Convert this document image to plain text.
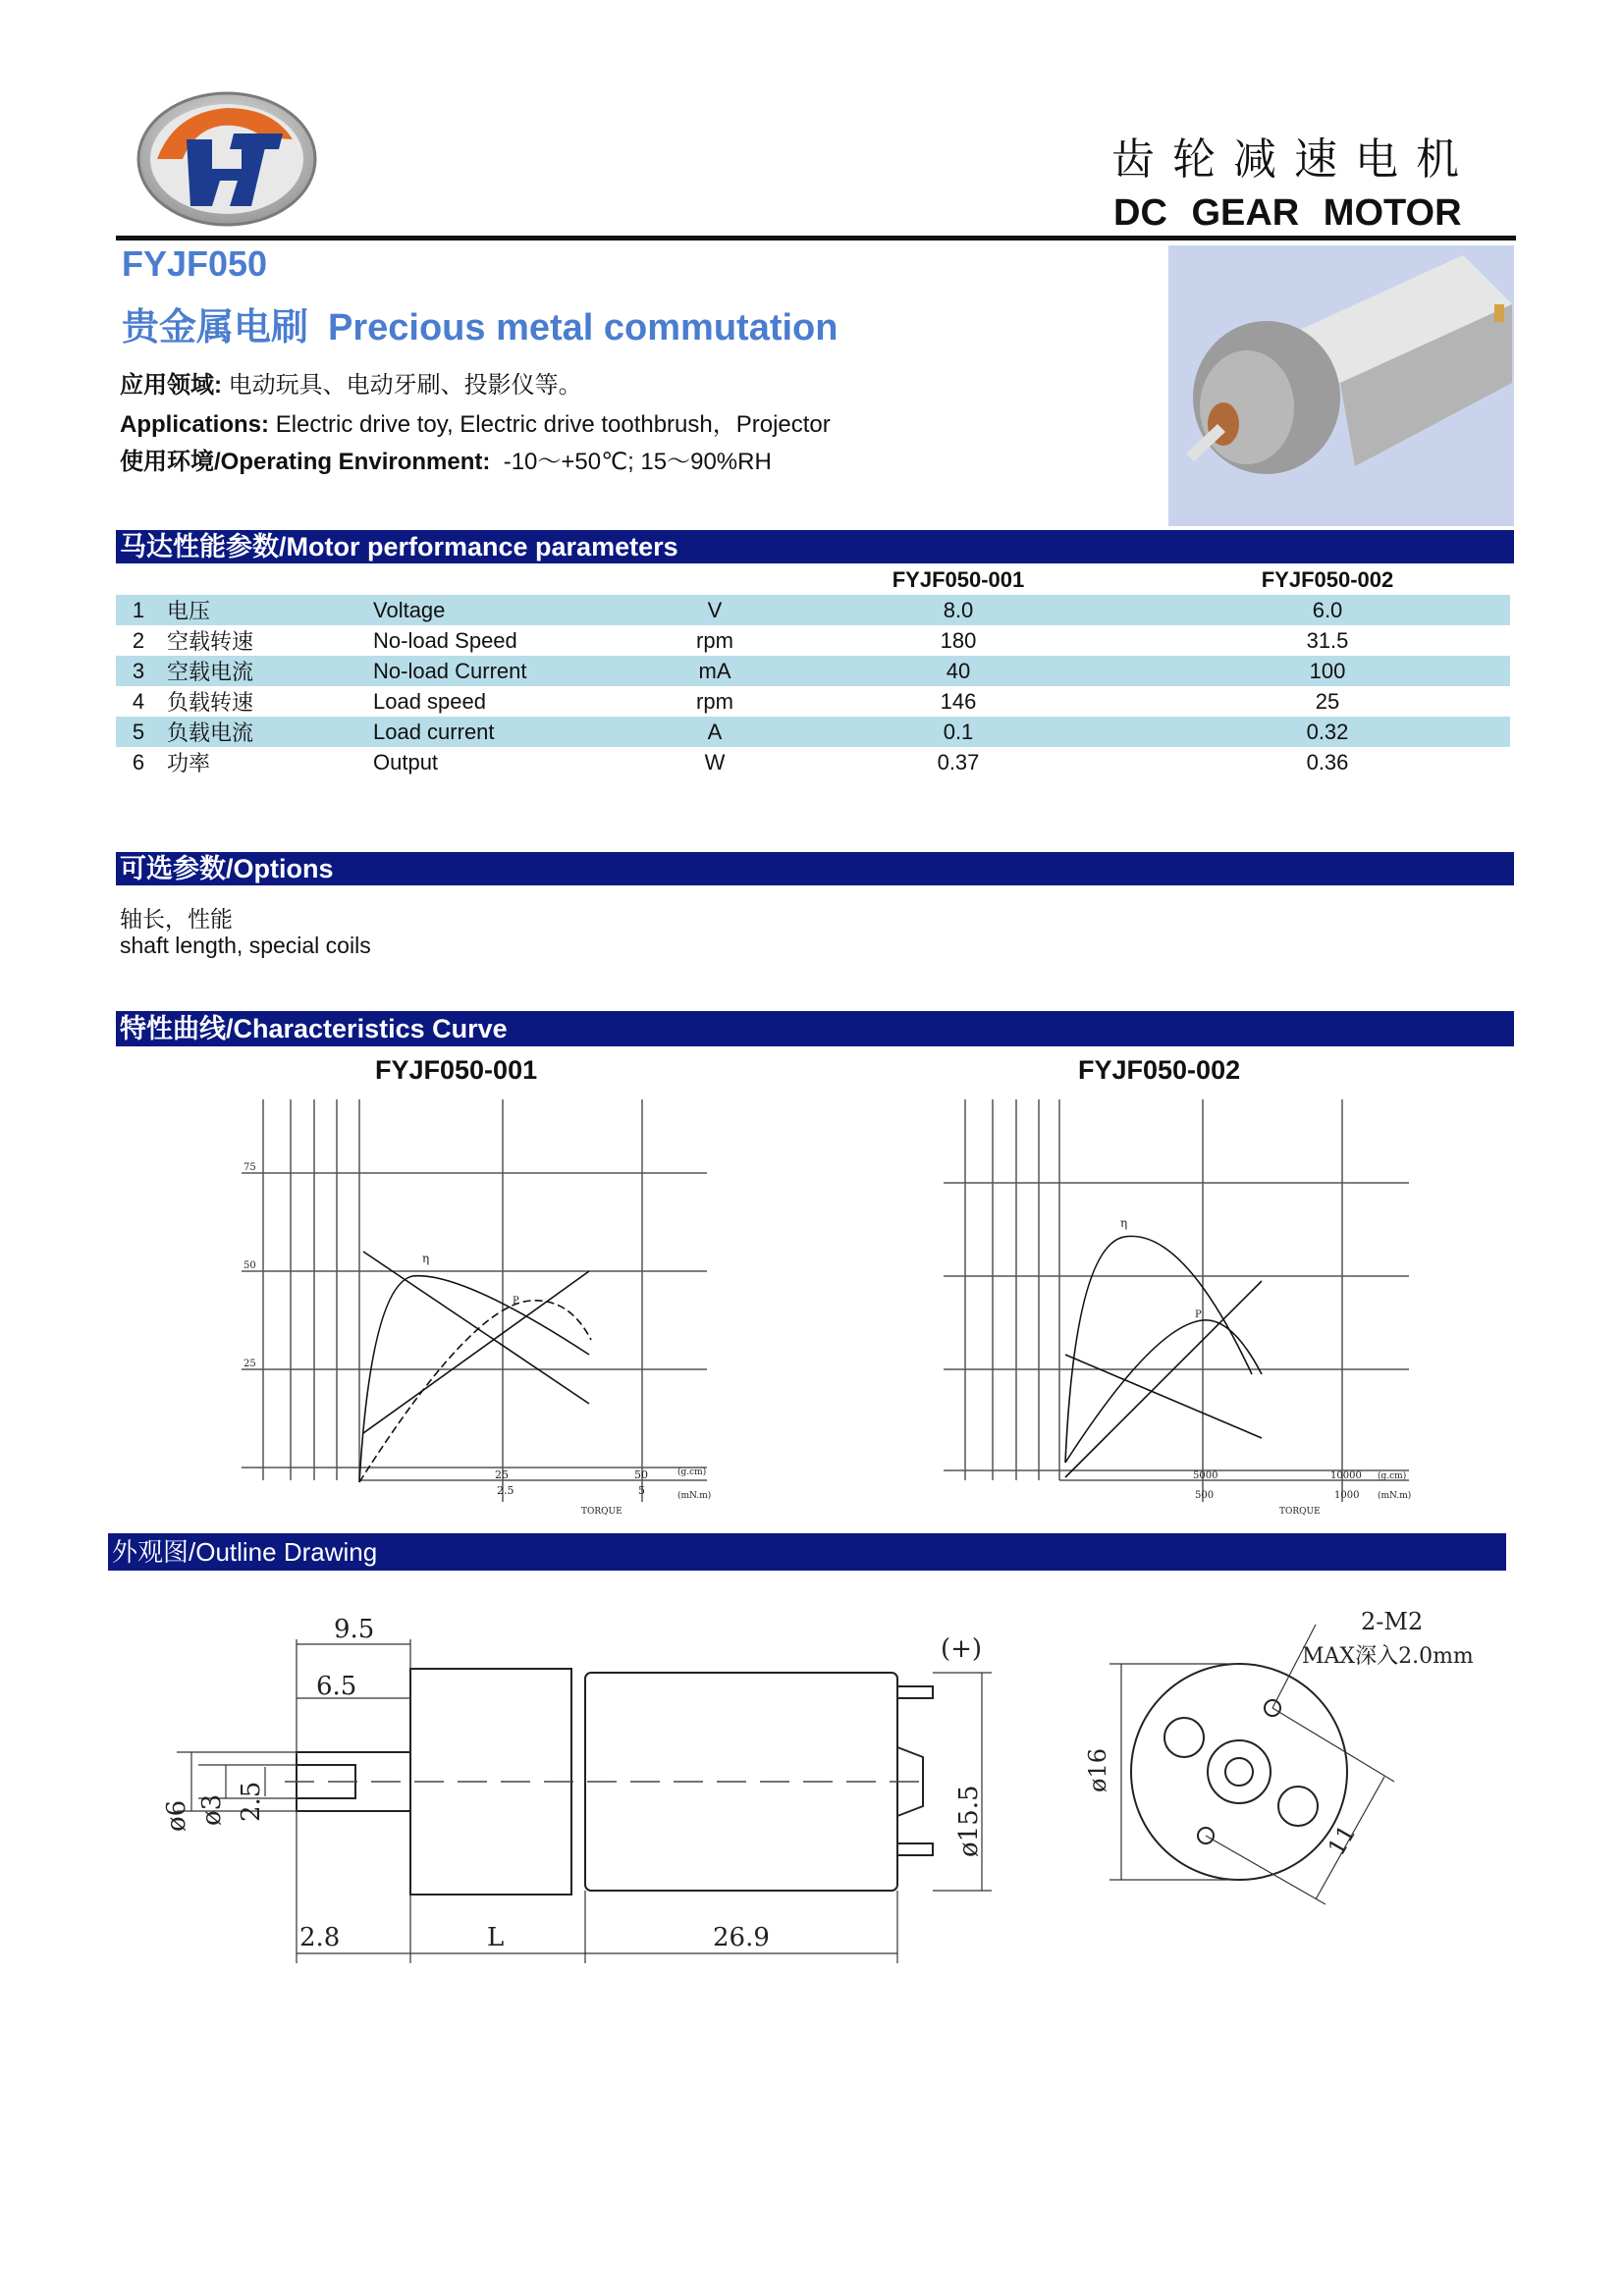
齿轮减速电机
DC GEAR MOTOR
FYJF050
贵金属电刷 Precious metal commutation
应用领域: 电动玩具、电动牙刷、投影仪等。
Applications: Electric drive toy, Electric drive toothbrush，Projector
使用环境/Operating Environment:  -10～+50℃; 15～90%RH
马达性能参数/Motor performance parameters
				FYJF050-001	FYJF050-002
1	电压	Voltage	V	8.0	6.0
2	空载转速	No-load Speed	rpm	180	31.5
3	空载电流	No-load Current	mA	40	100
4	负载转速	Load speed	rpm	146	25
5	负载电流	Load current	A	0.1	0.32
6	功率	Output	W	0.37	0.36
可选参数/Options
轴长，性能
shaft length, special coils
特性曲线/Characteristics Curve
FYJF050-001	FYJF050-002
75
50
25
25	50
2.5	5
(g.cm)
(mN.m)
TORQUE
η
P
5000	10000
500	1000
(g.cm)
(mN.m)
TORQUE
η
P
外观图/Outline Drawing
9.5
6.5
ø6 ø3 2.5	ø15.5
(+)
2.8	L	26.9
2-M2
MAX深入2.0mm
ø16
11
